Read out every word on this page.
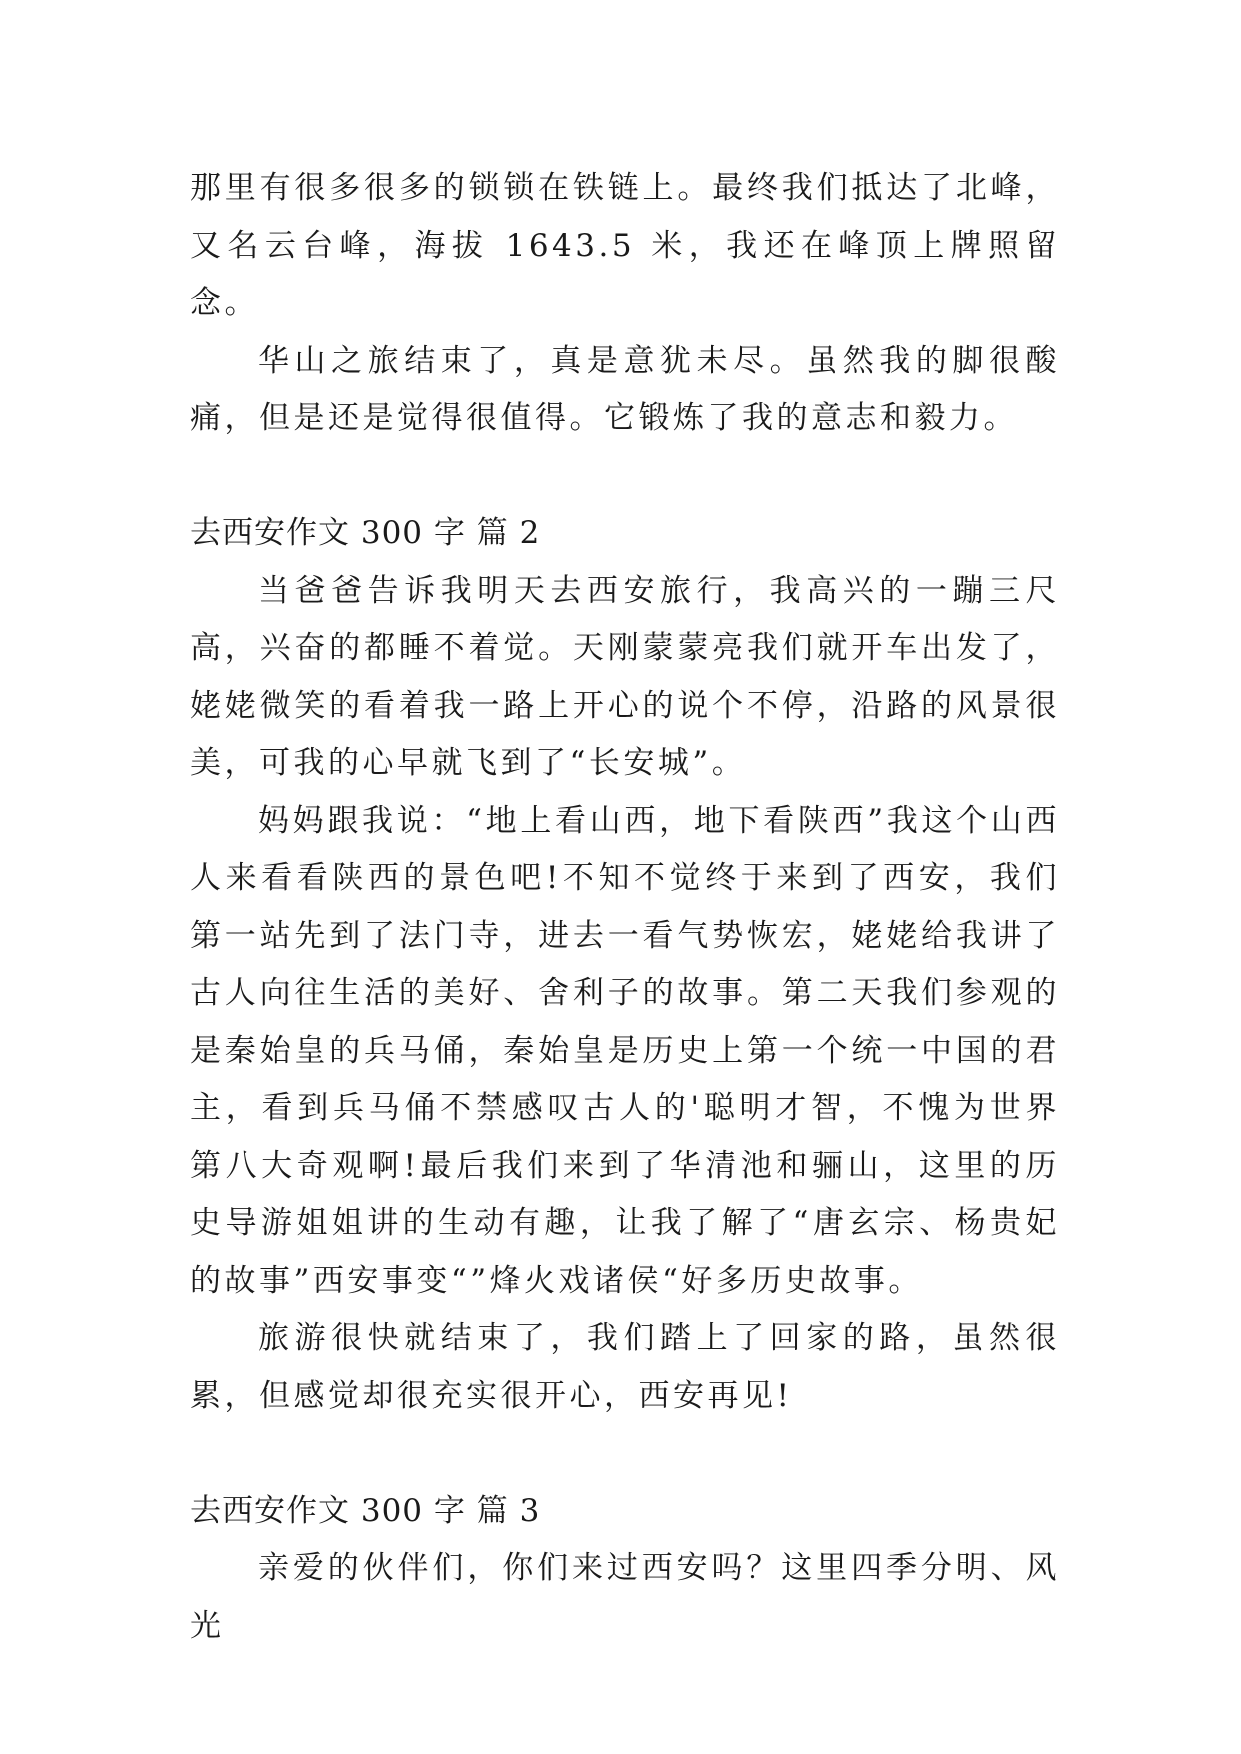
那里有很多很多的锁锁在铁链上。最终我们抵达了北峰，又名云台峰，海拔 1643.5 米，我还在峰顶上牌照留念。

华山之旅结束了，真是意犹未尽。虽然我的脚很酸痛，但是还是觉得很值得。它锻炼了我的意志和毅力。

去西安作文 300 字 篇 2

当爸爸告诉我明天去西安旅行，我高兴的一蹦三尺高，兴奋的都睡不着觉。天刚蒙蒙亮我们就开车出发了，姥姥微笑的看着我一路上开心的说个不停，沿路的风景很美，可我的心早就飞到了“长安城”。

妈妈跟我说：“地上看山西，地下看陕西”我这个山西人来看看陕西的景色吧!不知不觉终于来到了西安，我们第一站先到了法门寺，进去一看气势恢宏，姥姥给我讲了古人向往生活的美好、舍利子的故事。第二天我们参观的是秦始皇的兵马俑，秦始皇是历史上第一个统一中国的君主，看到兵马俑不禁感叹古人的'聪明才智，不愧为世界第八大奇观啊!最后我们来到了华清池和骊山，这里的历史导游姐姐讲的生动有趣，让我了解了“唐玄宗、杨贵妃的故事”西安事变“”烽火戏诸侯“好多历史故事。

旅游很快就结束了，我们踏上了回家的路，虽然很累，但感觉却很充实很开心，西安再见!

去西安作文 300 字 篇 3

亲爱的伙伴们，你们来过西安吗？这里四季分明、风光
